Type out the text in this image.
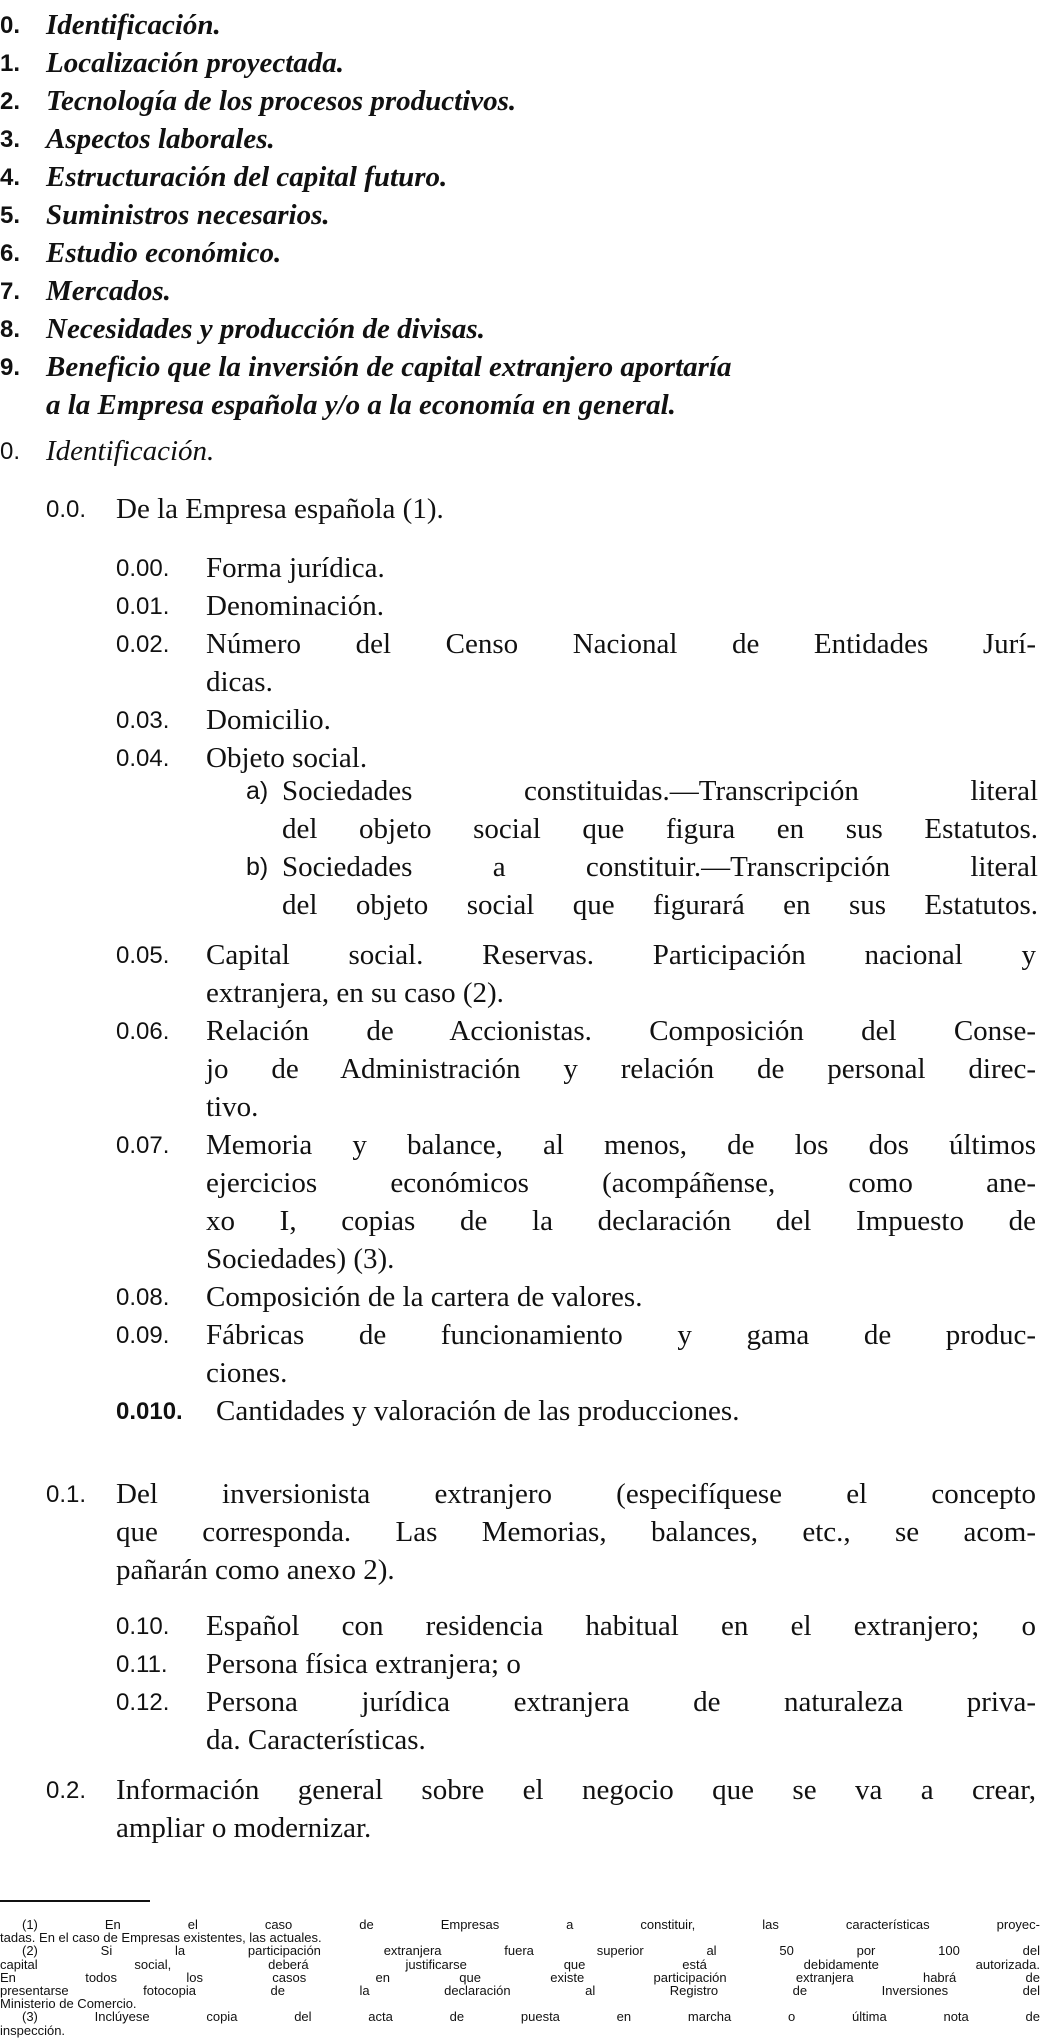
0. Identificación.
1. Localización proyectada.
2. Tecnología de los procesos productivos.
3. Aspectos laborales.
4. Estructuración del capital futuro.
5. Suministros necesarios.
6. Estudio económico.
7. Mercados.
8. Necesidades y producción de divisas.
9. Beneficio que la inversión de capital extranjero aportaría
a la Empresa española y/o a la economía en general.
0. Identificación.
0.0. De la Empresa española (1).
0.00. Forma jurídica.
0.01. Denominación.
0.02. Número del Censo Nacional de Entidades Jurí-
dicas.
0.03. Domicilio.
0.04. Objeto social.
a) Sociedades constituidas.—Transcripción literal
del objeto social que figura en sus Estatutos.
b) Sociedades a constituir.—Transcripción literal
del objeto social que figurará en sus Estatutos.
0.05. Capital social. Reservas. Participación nacional y
extranjera, en su caso (2).
0.06. Relación de Accionistas. Composición del Conse-
jo de Administración y relación de personal direc-
tivo.
0.07. Memoria y balance, al menos, de los dos últimos
ejercicios económicos (acompáñense, como ane-
xo I, copias de la declaración del Impuesto de
Sociedades) (3).
0.08. Composición de la cartera de valores.
0.09. Fábricas de funcionamiento y gama de produc-
ciones.
0.010. Cantidades y valoración de las producciones.
0.1. Del inversionista extranjero (especifíquese el concepto
que corresponda. Las Memorias, balances, etc., se acom-
pañarán como anexo 2).
0.10. Español con residencia habitual en el extranjero; o
0.11. Persona física extranjera; o
0.12. Persona jurídica extranjera de naturaleza priva-
da. Características.
0.2. Información general sobre el negocio que se va a crear,
ampliar o modernizar.
(1) En el caso de Empresas a constituir, las características proyec-
tadas. En el caso de Empresas existentes, las actuales.
(2) Si la participación extranjera fuera superior al 50 por 100 del
capital social, deberá justificarse que está debidamente autorizada.
En todos los casos en que existe participación extranjera habrá de
presentarse fotocopia de la declaración al Registro de Inversiones del
Ministerio de Comercio.
(3) Inclúyese copia del acta de puesta en marcha o última nota de
inspección.
